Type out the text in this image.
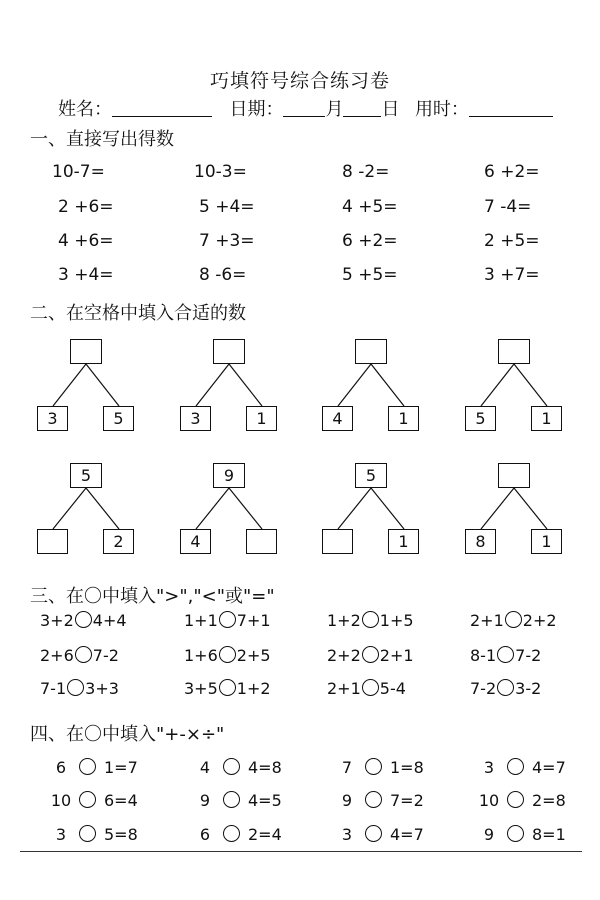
巧填符号综合练习卷
姓名：	日期： 月 日 用时：
一、直接写出得数
10-7=	10-3=	8 -2=	6 +2=
2 +6=	5 +4=	4 +5=	7 -4=
4 +6=	7 +3=	6 +2=	2 +5=
3 +4=	8 -6=	5 +5=	3 +7=
二、在空格中填入合适的数
3	5	3	1	4	1	5	1
5
2
9
4
5
1	8	1
三、在〇中填入">","<"或"="
3+2 4+4	1+1 7+1	1+2 1+5	2+1 2+2
2+6 7-2	1+6 2+5	2+2 2+1	8-1 7-2
7-1 3+3	3+5 1+2	2+1 5-4	7-2 3-2
四、在〇中填入"+-×÷"
6 1=7	4 4=8	7 1=8	3 4=7
10 6=4	9 4=5	9 7=2	10 2=8
3 5=8	6 2=4	3 4=7	9 8=1
